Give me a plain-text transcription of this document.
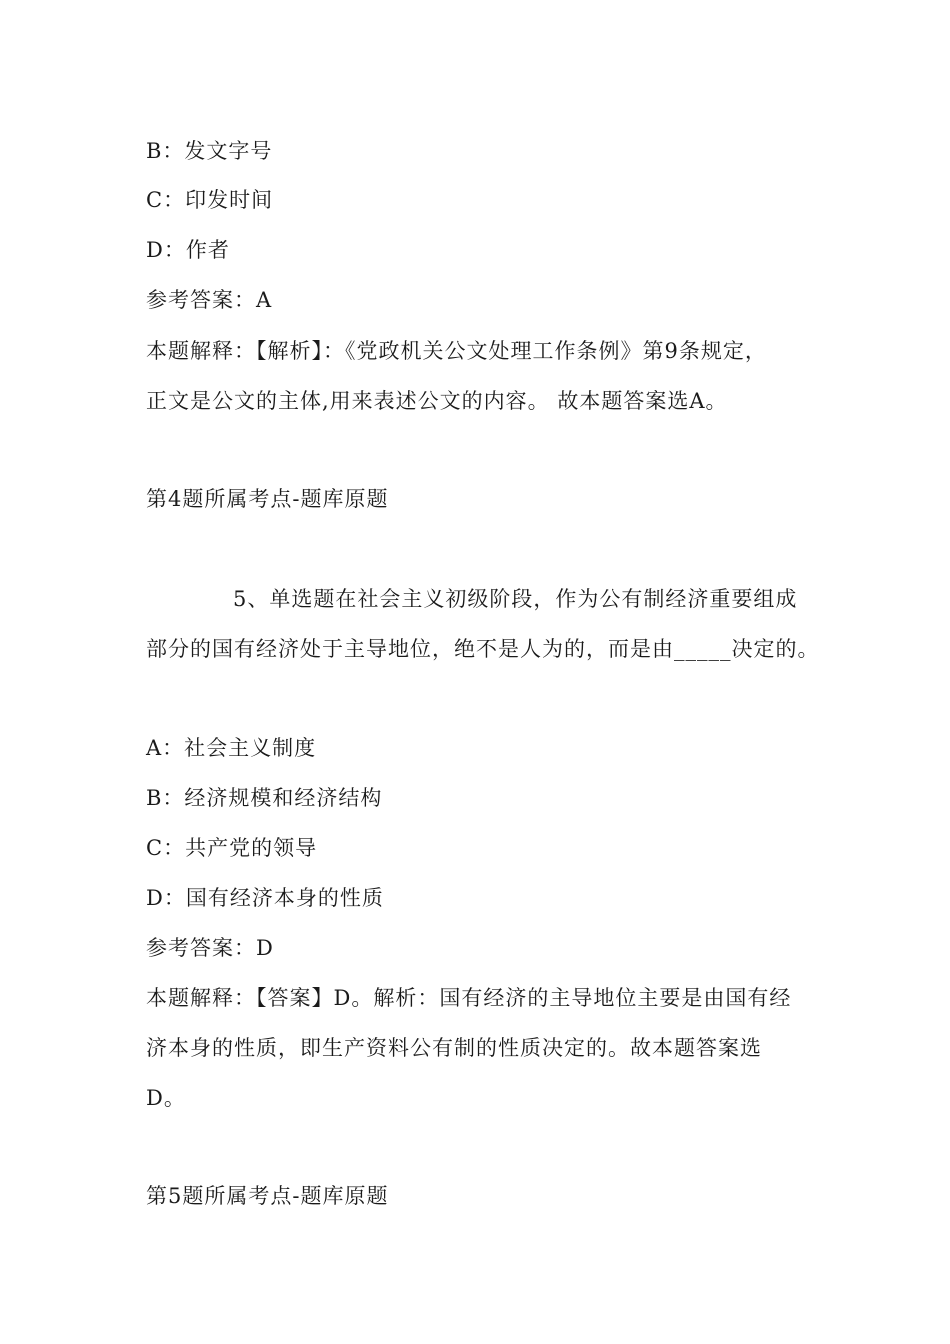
B：发文字号
C：印发时间
D：作者
参考答案：A
本题解释：【解析】：《党政机关公文处理工作条例》第9条规定，
正文是公文的主体,用来表述公文的内容。 故本题答案选A。
第4题所属考点-题库原题
5、单选题在社会主义初级阶段，作为公有制经济重要组成
部分的国有经济处于主导地位，绝不是人为的，而是由_____决定的。
A：社会主义制度
B：经济规模和经济结构
C：共产党的领导
D：国有经济本身的性质
参考答案：D
本题解释：【答案】D。解析：国有经济的主导地位主要是由国有经
济本身的性质，即生产资料公有制的性质决定的。故本题答案选
D。
第5题所属考点-题库原题
